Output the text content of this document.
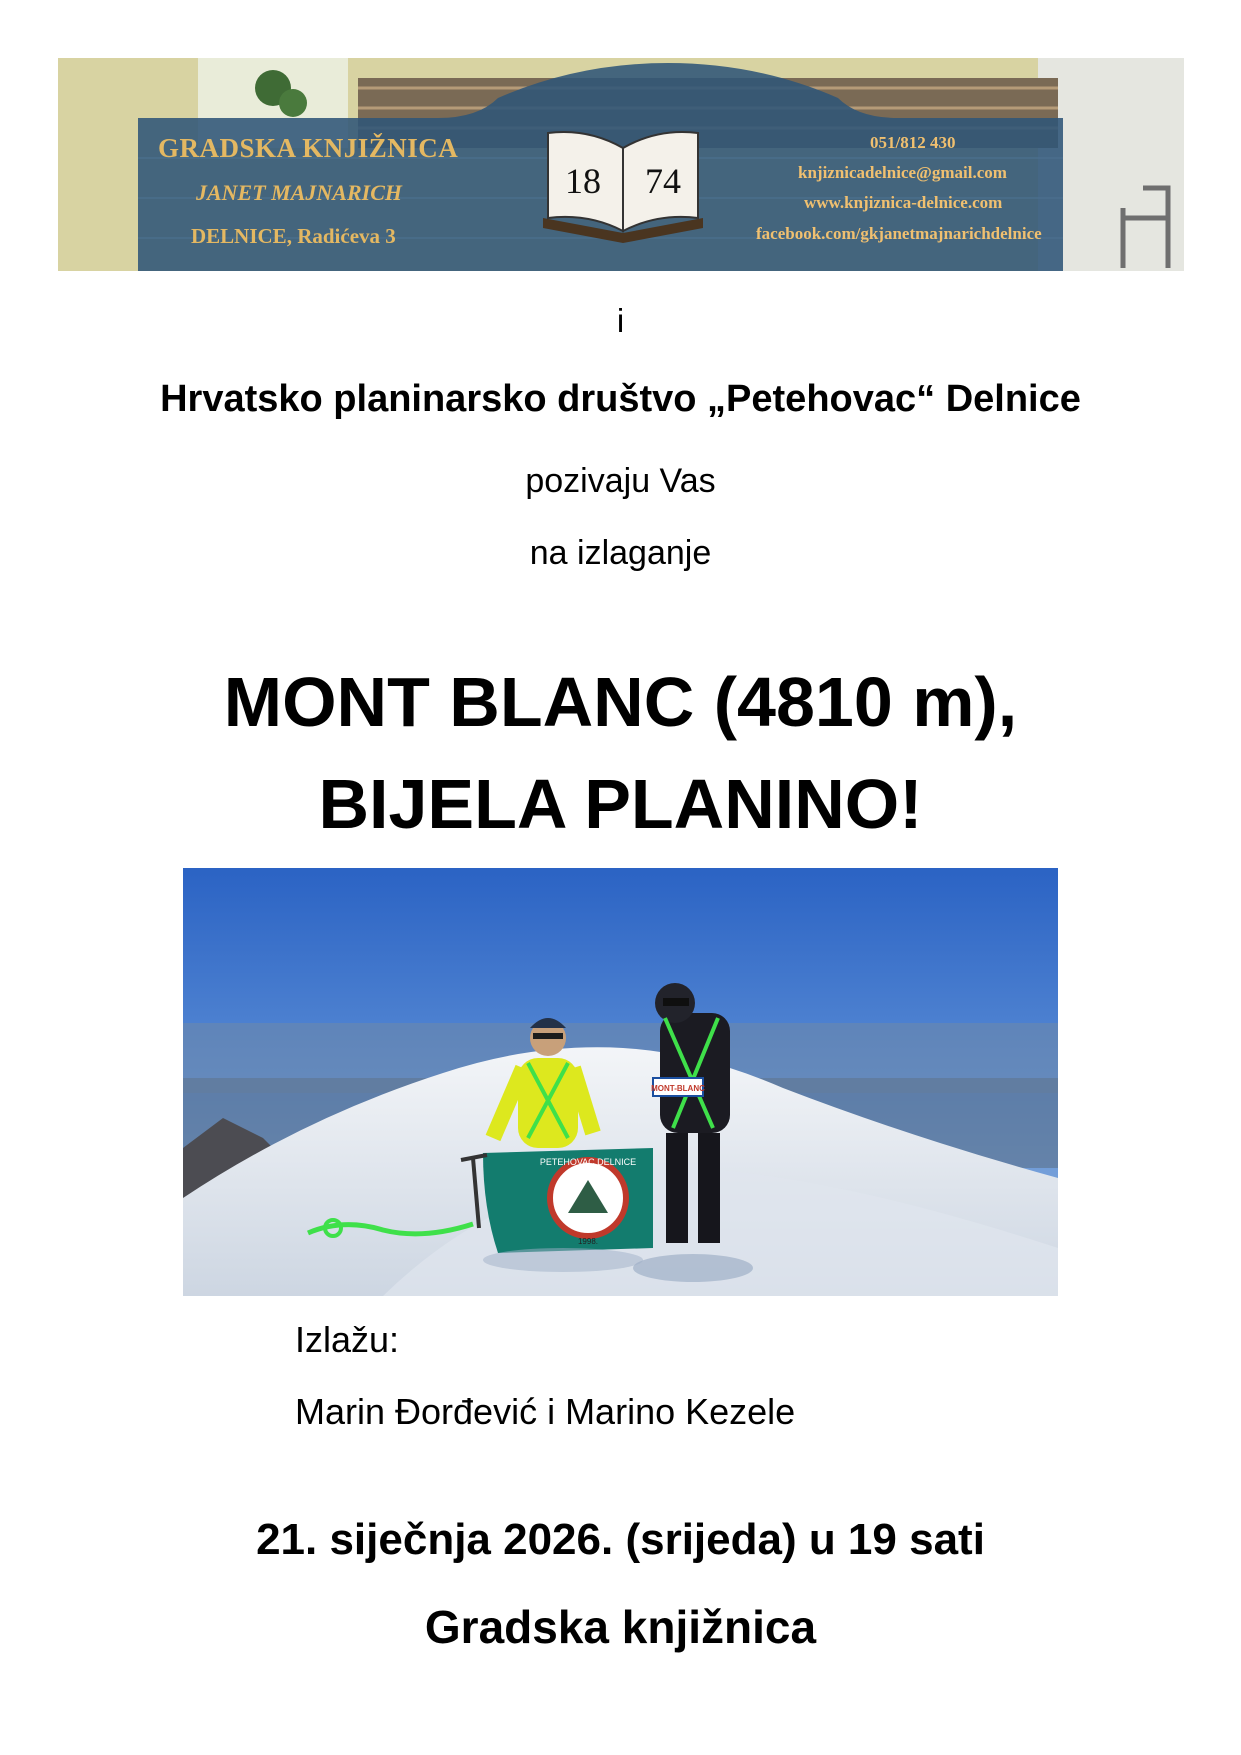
GRADSKA KNJIŽNICA
JANET MAJNARICH
DELNICE, Radićeva 3
18 74
051/812 430
knjiznicadelnice@gmail.com
www.knjiznica-delnice.com
facebook.com/gkjanetmajnarichdelnice
i
Hrvatsko planinarsko društvo „Petehovac“ Delnice
pozivaju Vas
na izlaganje
MONT BLANC (4810 m),
BIJELA PLANINO!
PETEHOVAC DELNICE
1998.
MONT-BLANC
Izlažu:
Marin Đorđević i Marino Kezele
21. siječnja 2026. (srijeda) u 19 sati
Gradska knjižnica
